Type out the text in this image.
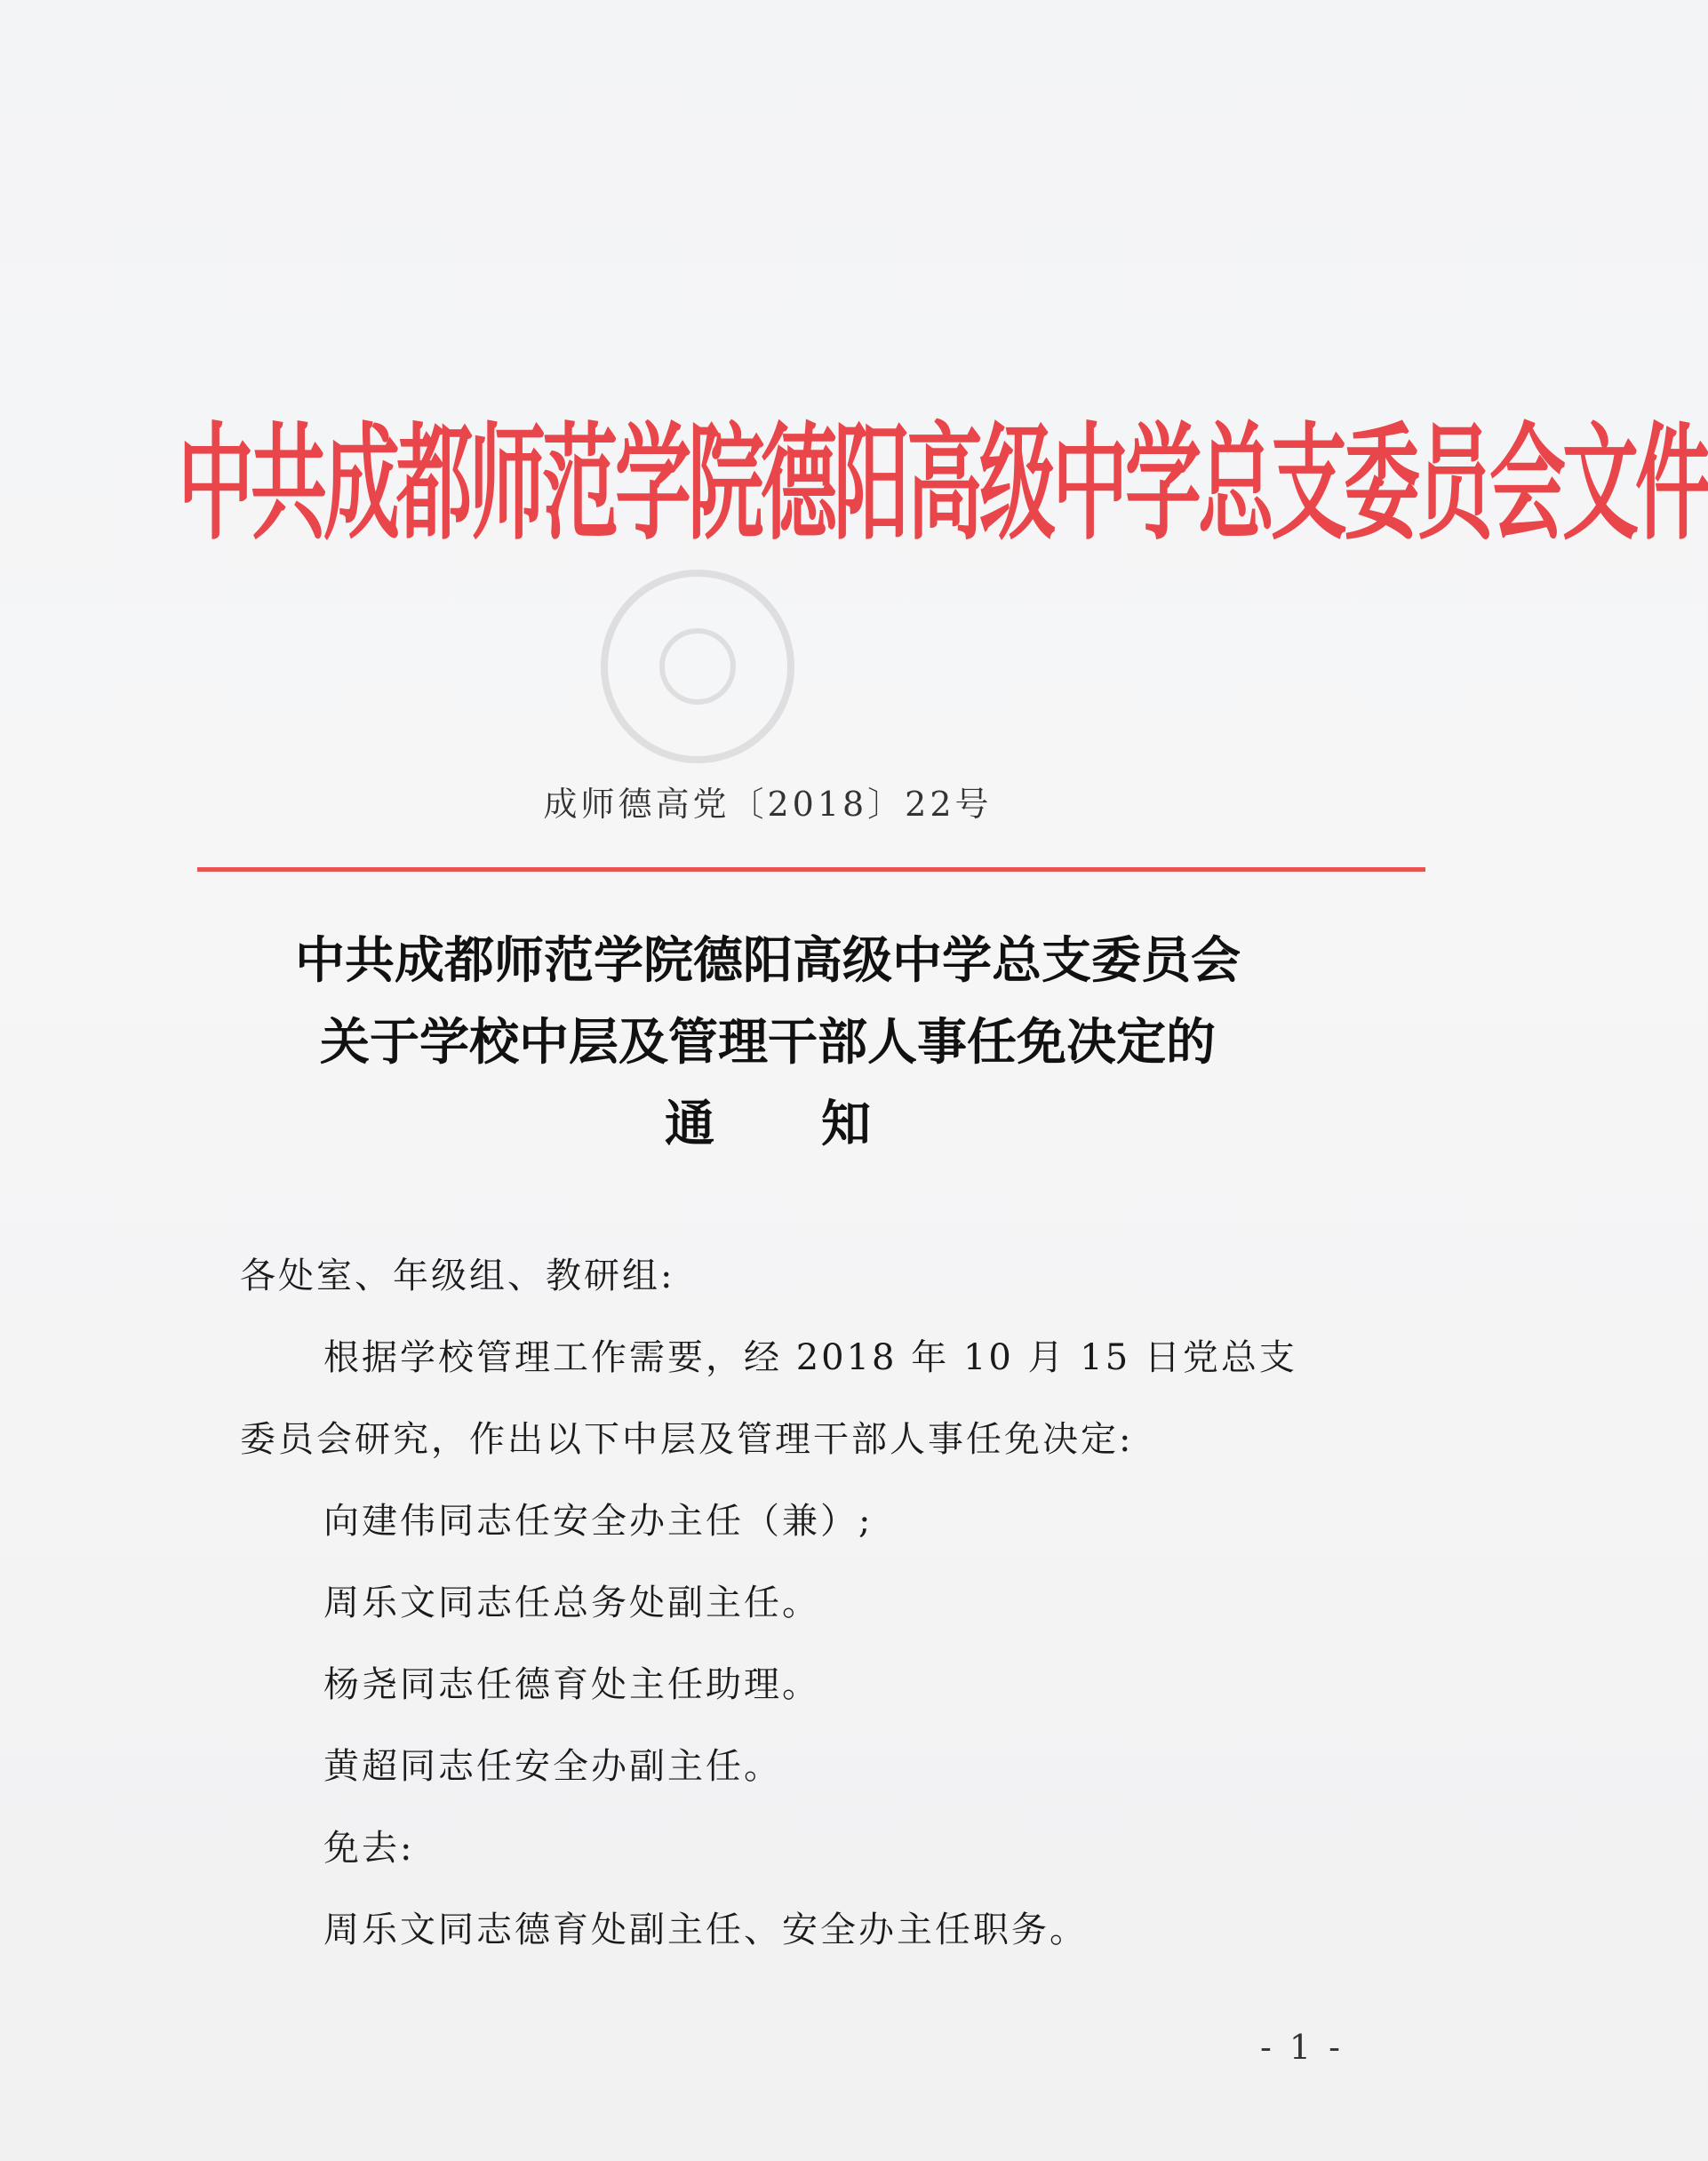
中共成都师范学院德阳高级中学总支委员会文件
成师德高党〔2018〕22号
中共成都师范学院德阳高级中学总支委员会
关于学校中层及管理干部人事任免决定的
通知
各处室、年级组、教研组:
根据学校管理工作需要，经 2018 年 10 月 15 日党总支
委员会研究，作出以下中层及管理干部人事任免决定:
向建伟同志任安全办主任（兼）;
周乐文同志任总务处副主任。
杨尧同志任德育处主任助理。
黄超同志任安全办副主任。
免去:
周乐文同志德育处副主任、安全办主任职务。
- 1 -
